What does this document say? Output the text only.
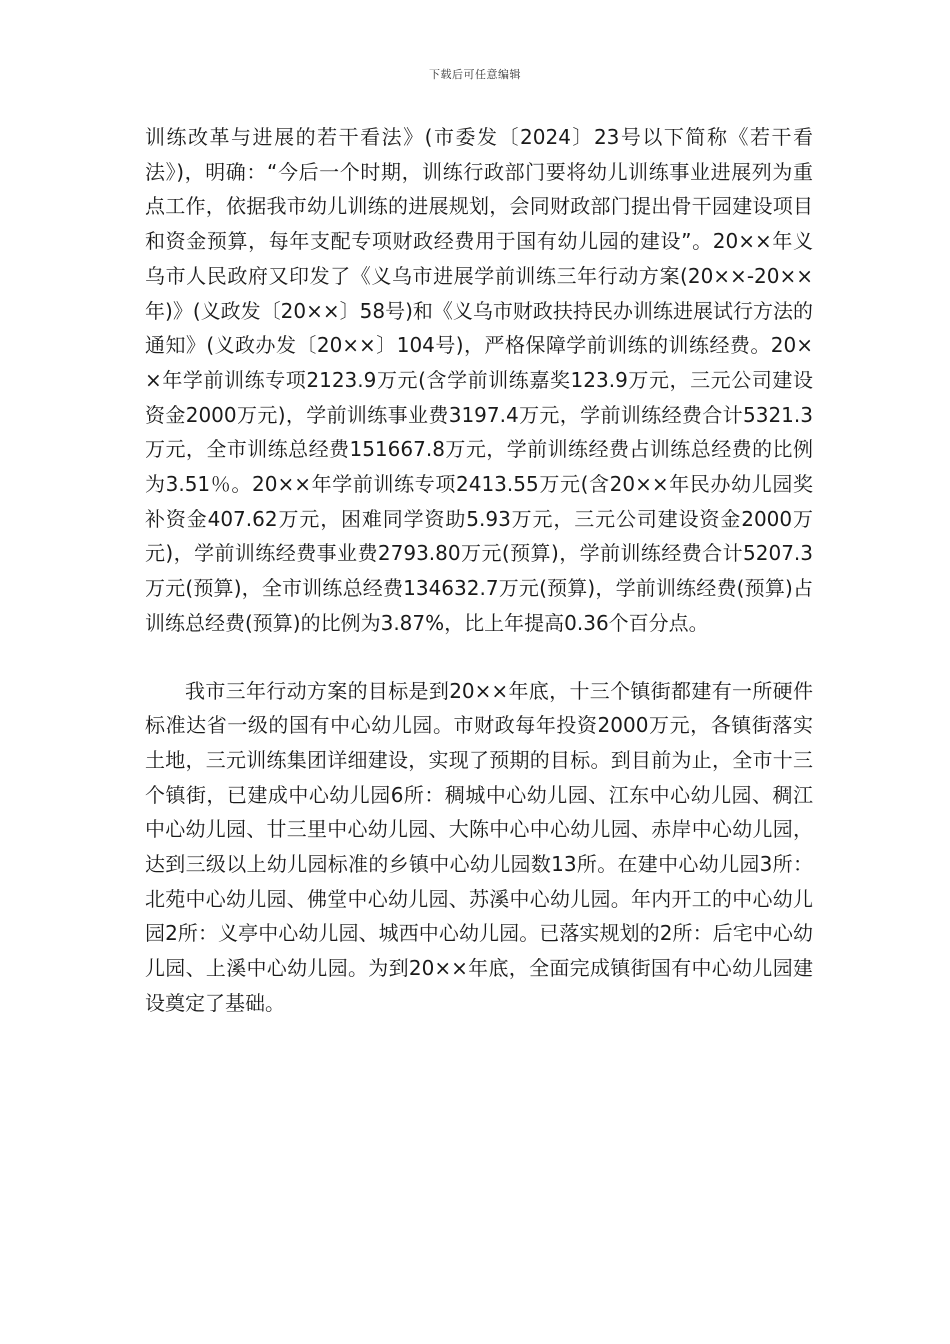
下载后可任意编辑

训练改革与进展的若干看法》(市委发〔2024〕23号以下简称《若干看法》)，明确：“今后一个时期，训练行政部门要将幼儿训练事业进展列为重点工作，依据我市幼儿训练的进展规划，会同财政部门提出骨干园建设项目和资金预算，每年支配专项财政经费用于国有幼儿园的建设”。20××年义乌市人民政府又印发了《义乌市进展学前训练三年行动方案(20××-20××年)》(义政发〔20××〕58号)和《义乌市财政扶持民办训练进展试行方法的通知》(义政办发〔20××〕104号)，严格保障学前训练的训练经费。20××年学前训练专项2123.9万元(含学前训练嘉奖123.9万元，三元公司建设资金2000万元)，学前训练事业费3197.4万元，学前训练经费合计5321.3万元，全市训练总经费151667.8万元，学前训练经费占训练总经费的比例为3.51％。20××年学前训练专项2413.55万元(含20××年民办幼儿园奖补资金407.62万元，困难同学资助5.93万元，三元公司建设资金2000万元)，学前训练经费事业费2793.80万元(预算)，学前训练经费合计5207.3万元(预算)，全市训练总经费134632.7万元(预算)，学前训练经费(预算)占训练总经费(预算)的比例为3.87%，比上年提高0.36个百分点。

我市三年行动方案的目标是到20××年底，十三个镇街都建有一所硬件标准达省一级的国有中心幼儿园。市财政每年投资2000万元，各镇街落实土地，三元训练集团详细建设，实现了预期的目标。到目前为止，全市十三个镇街，已建成中心幼儿园6所：稠城中心幼儿园、江东中心幼儿园、稠江中心幼儿园、廿三里中心幼儿园、大陈中心中心幼儿园、赤岸中心幼儿园，达到三级以上幼儿园标准的乡镇中心幼儿园数13所。在建中心幼儿园3所：北苑中心幼儿园、佛堂中心幼儿园、苏溪中心幼儿园。年内开工的中心幼儿园2所：义亭中心幼儿园、城西中心幼儿园。已落实规划的2所：后宅中心幼儿园、上溪中心幼儿园。为到20××年底，全面完成镇街国有中心幼儿园建设奠定了基础。
